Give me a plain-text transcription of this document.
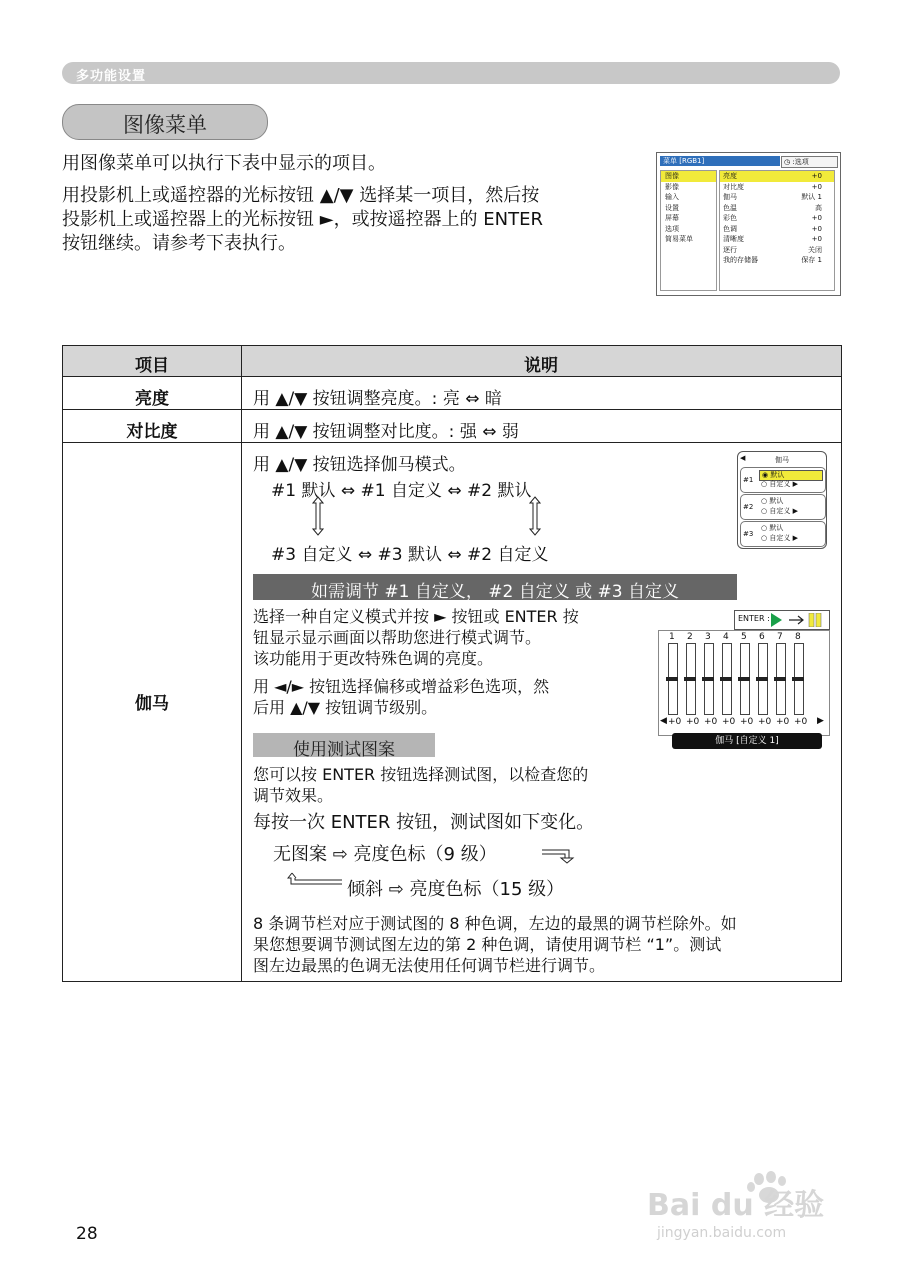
多功能设置
图像菜单

用图像菜单可以执行下表中显示的项目。

用投影机上或遥控器的光标按钮 ▲/▼ 选择某一项目，然后按
投影机上或遥控器上的光标按钮 ►，或按遥控器上的 ENTER
按钮继续。请参考下表执行。
菜单 [RGB1]	◷ :选项
图像
影像
输入
设置
屏幕
选项
简易菜单
亮度	+0
对比度	+0
伽马	默认 1
色温	高
彩色	+0
色调	+0
清晰度	+0
逐行	关闭
我的存储器	保存 1
项目	说明
亮度	用 ▲/▼ 按钮调整亮度。: 亮 ⇔ 暗
对比度	用 ▲/▼ 按钮调整对比度。: 强 ⇔ 弱
伽马
用 ▲/▼ 按钮选择伽马模式。
#1 默认 ⇔ #1 自定义 ⇔ #2 默认
#3 自定义 ⇔ #3 默认 ⇔ #2 自定义
如需调节 #1 自定义， #2 自定义 或 #3 自定义
选择一种自定义模式并按 ► 按钮或 ENTER 按
钮显示显示画面以帮助您进行模式调节。
该功能用于更改特殊色调的亮度。
用 ◄/► 按钮选择偏移或增益彩色选项，然
后用 ▲/▼ 按钮调节级别。
使用测试图案
您可以按 ENTER 按钮选择测试图，以检查您的
调节效果。
每按一次 ENTER 按钮，测试图如下变化。
无图案 ⇨ 亮度色标（9 级）
倾斜 ⇨ 亮度色标（15 级）
8 条调节栏对应于测试图的 8 种色调，左边的最黑的调节栏除外。如
果您想要调节测试图左边的第 2 种色调，请使用调节栏 “1”。测试
图左边最黑的色调无法使用任何调节栏进行调节。
◀	伽马
#1
◉ 默认
○ 自定义 ▶
#2
○ 默认
○ 自定义 ▶
#3
○ 默认
○ 自定义 ▶
ENTER :
1 2 3 4 5 6 7 8
◀ +0 +0 +0 +0 +0 +0 +0 +0 ▶
伽马 [自定义 1]
28
Bai du 经验
jingyan.baidu.com
